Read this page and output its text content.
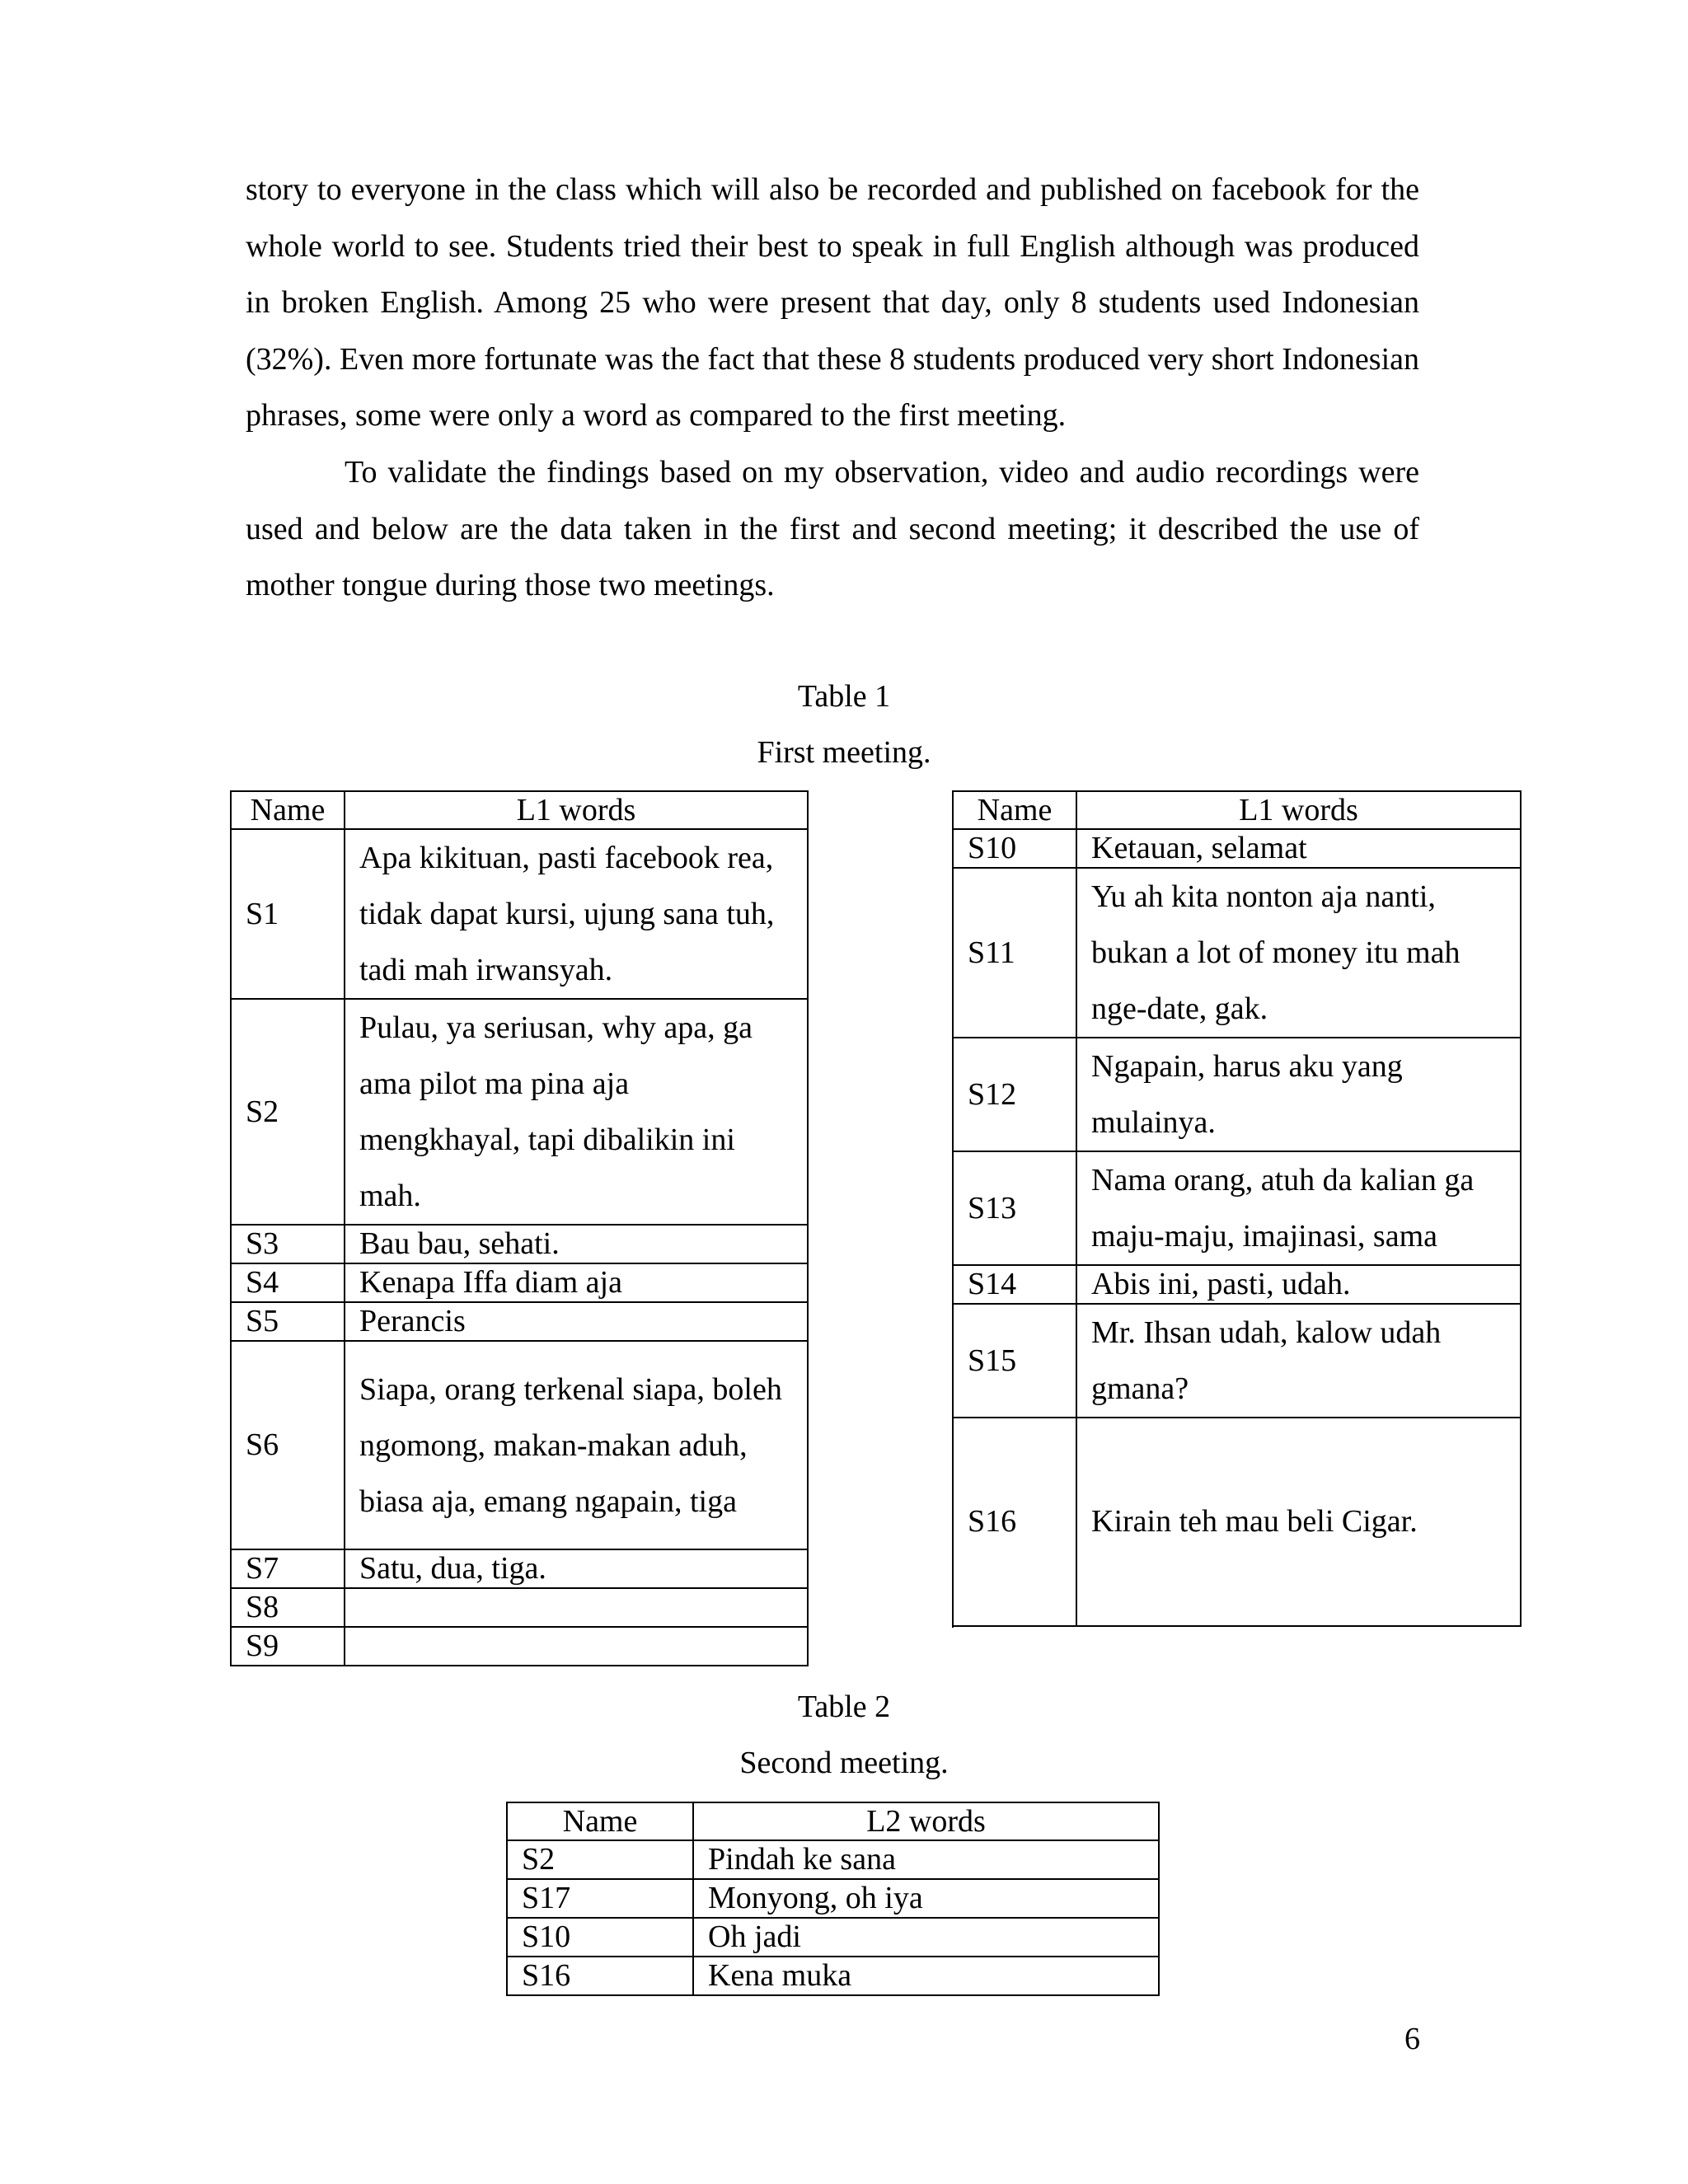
story to everyone in the class which will also be recorded and published on facebook for the whole world to see. Students tried their best to speak in full English although was produced in broken English. Among 25 who were present that day, only 8 students used Indonesian (32%). Even more fortunate was the fact that these 8 students produced very short Indonesian phrases, some were only a word as compared to the first meeting.

To validate the findings based on my observation, video and audio recordings were used and below are the data taken in the first and second meeting; it described the use of mother tongue during those two meetings.

Table 1

First meeting.

Name	L1 words
S1	Apa kikituan, pasti facebook rea, tidak dapat kursi, ujung sana tuh, tadi mah irwansyah.
S2	Pulau, ya seriusan, why apa, ga ama pilot ma pina aja mengkhayal, tapi dibalikin ini mah.
S3	Bau bau, sehati.
S4	Kenapa Iffa diam aja
S5	Perancis
S6	Siapa, orang terkenal siapa, boleh ngomong, makan-makan aduh, biasa aja, emang ngapain, tiga
S7	Satu, dua, tiga.
S8	
S9	
Name	L1 words
S10	Ketauan, selamat
S11	Yu ah kita nonton aja nanti, bukan a lot of money itu mah nge-date, gak.
S12	Ngapain, harus aku yang mulainya.
S13	Nama orang, atuh da kalian ga maju-maju, imajinasi, sama
S14	Abis ini, pasti, udah.
S15	Mr. Ihsan udah, kalow udah gmana?
S16	Kirain teh mau beli Cigar.

Table 2

Second meeting.

Name	L2 words
S2	Pindah ke sana
S17	Monyong, oh iya
S10	Oh jadi
S16	Kena muka

6
